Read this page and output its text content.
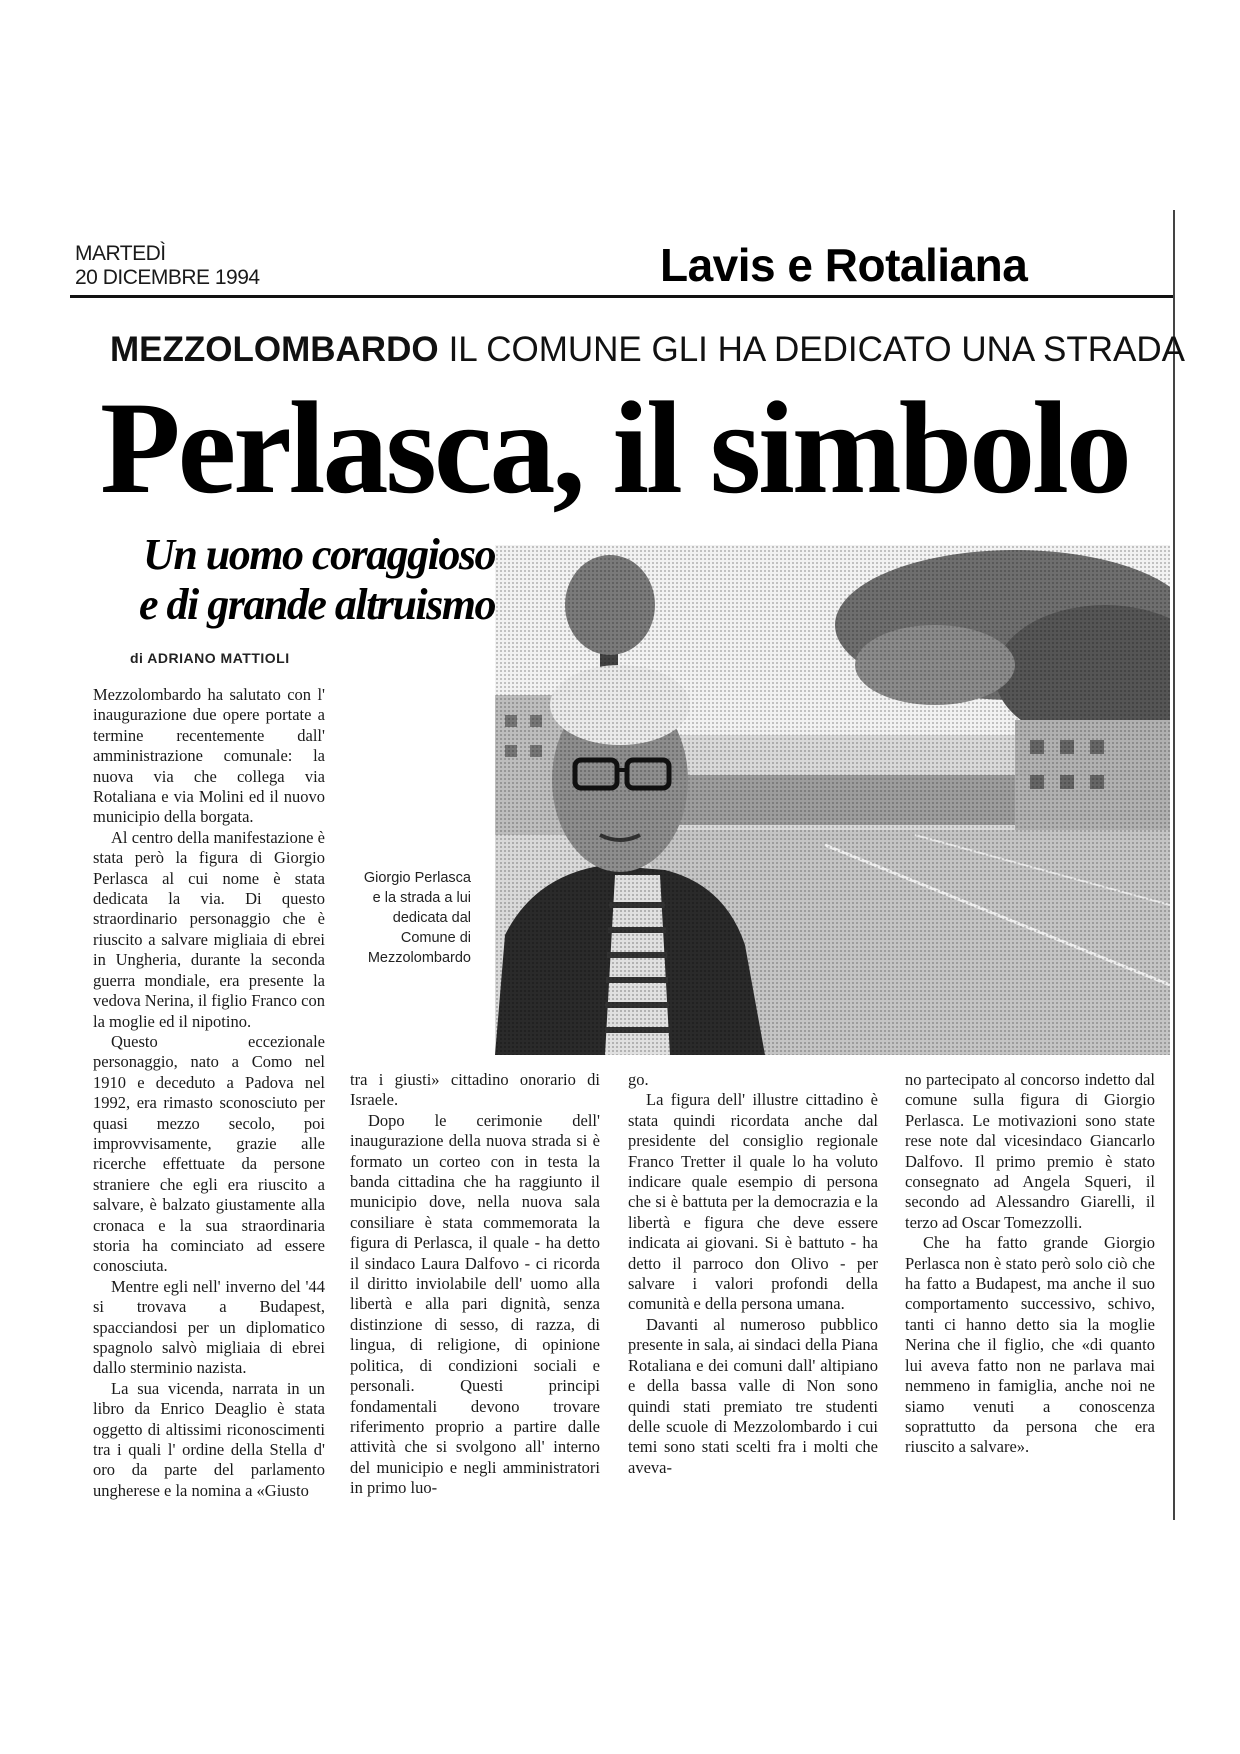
MARTEDÌ
20 DICEMBRE 1994	Lavis e Rotaliana
MEZZOLOMBARDO IL COMUNE GLI HA DEDICATO UNA STRADA
Perlasca, il simbolo
Un uomo coraggioso
e di grande altruismo
di ADRIANO MATTIOLI
Giorgio Perlasca e la strada a lui dedicata dal Comune di Mezzolombardo

Mezzolombardo ha salutato con l' inaugurazione due opere portate a termine recentemente dall' amministrazione comunale: la nuova via che collega via Rotaliana e via Molini ed il nuovo municipio della borgata.

Al centro della manifestazione è stata però la figura di Giorgio Perlasca al cui nome è stata dedicata la via. Di questo straordinario personaggio che è riuscito a salvare migliaia di ebrei in Ungheria, durante la seconda guerra mondiale, era presente la vedova Nerina, il figlio Franco con la moglie ed il nipotino.

Questo eccezionale personaggio, nato a Como nel 1910 e deceduto a Padova nel 1992, era rimasto sconosciuto per quasi mezzo secolo, poi improvvisamente, grazie alle ricerche effettuate da persone straniere che egli era riuscito a salvare, è balzato giustamente alla cronaca e la sua straordinaria storia ha cominciato ad essere conosciuta.

Mentre egli nell' inverno del '44 si trovava a Budapest, spacciandosi per un diplomatico spagnolo salvò migliaia di ebrei dallo sterminio nazista.

La sua vicenda, narrata in un libro da Enrico Deaglio è stata oggetto di altissimi riconoscimenti tra i quali l' ordine della Stella d' oro da parte del parlamento ungherese e la nomina a «Giusto

tra i giusti» cittadino onorario di Israele.

Dopo le cerimonie dell' inaugurazione della nuova strada si è formato un corteo con in testa la banda cittadina che ha raggiunto il municipio dove, nella nuova sala consiliare è stata commemorata la figura di Perlasca, il quale - ha detto il sindaco Laura Dalfovo - ci ricorda il diritto inviolabile dell' uomo alla libertà e alla pari dignità, senza distinzione di sesso, di razza, di lingua, di religione, di opinione politica, di condizioni sociali e personali. Questi principi fondamentali devono trovare riferimento proprio a partire dalle attività che si svolgono all' interno del municipio e negli amministratori in primo luo-

go.

La figura dell' illustre cittadino è stata quindi ricordata anche dal presidente del consiglio regionale Franco Tretter il quale lo ha voluto indicare quale esempio di persona che si è battuta per la democrazia e la libertà e figura che deve essere indicata ai giovani. Si è battuto - ha detto il parroco don Olivo - per salvare i valori profondi della comunità e della persona umana.

Davanti al numeroso pubblico presente in sala, ai sindaci della Piana Rotaliana e dei comuni dall' altipiano e della bassa valle di Non sono quindi stati premiato tre studenti delle scuole di Mezzolombardo i cui temi sono stati scelti fra i molti che aveva-

no partecipato al concorso indetto dal comune sulla figura di Giorgio Perlasca. Le motivazioni sono state rese note dal vicesindaco Giancarlo Dalfovo. Il primo premio è stato consegnato ad Angela Squeri, il secondo ad Alessandro Giarelli, il terzo ad Oscar Tomezzolli.

Che ha fatto grande Giorgio Perlasca non è stato però solo ciò che ha fatto a Budapest, ma anche il suo comportamento successivo, schivo, tanti ci hanno detto sia la moglie Nerina che il figlio, che «di quanto lui aveva fatto non ne parlava mai nemmeno in famiglia, anche noi ne siamo venuti a conoscenza soprattutto da persona che era riuscito a salvare».
